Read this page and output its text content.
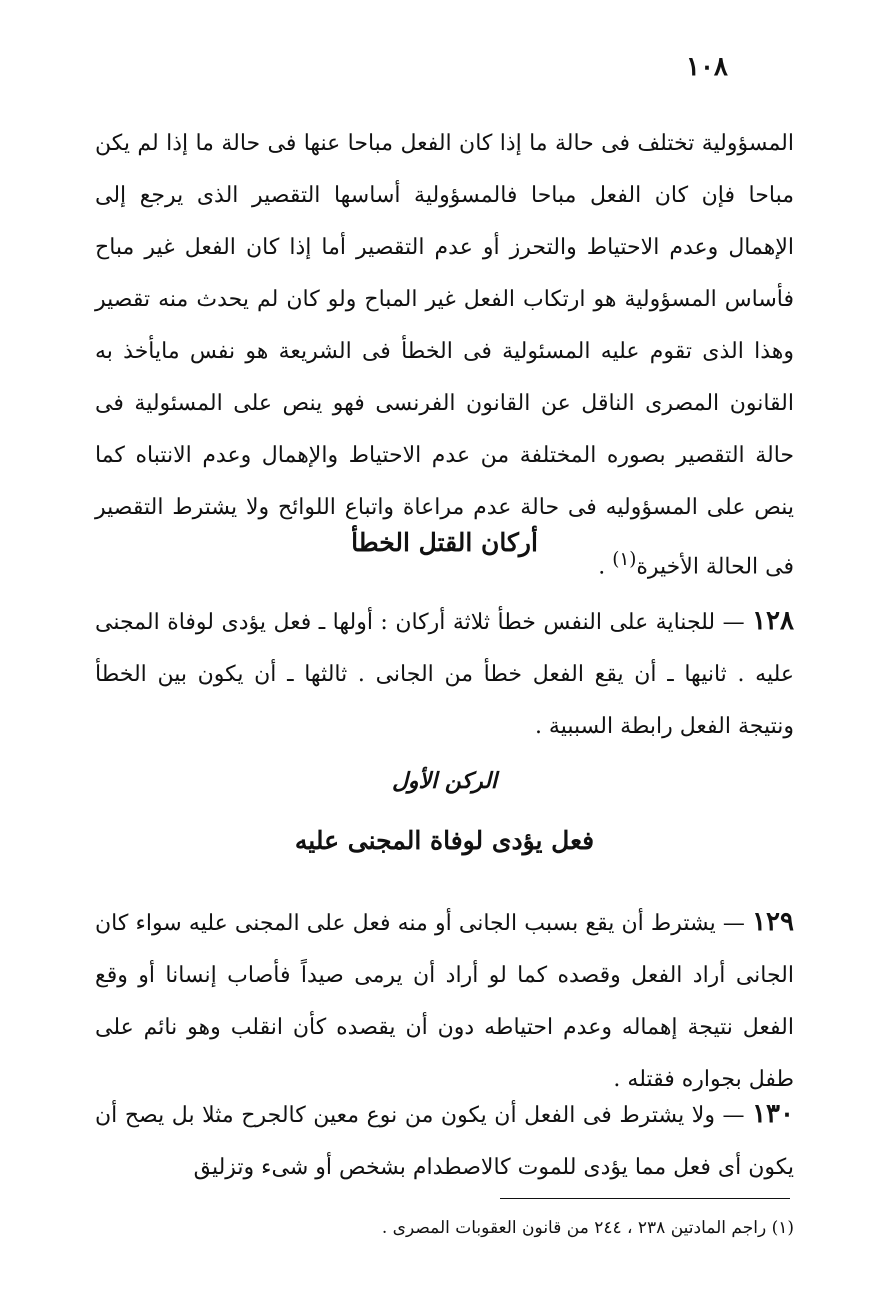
١٠٨
المسؤولية تختلف فى حالة ما إذا كان الفعل مباحا عنها فى حالة ما إذا لم يكن مباحا فإن كان الفعل مباحا فالمسؤولية أساسها التقصير الذى يرجع إلى الإهمال وعدم الاحتياط والتحرز أو عدم التقصير أما إذا كان الفعل غير مباح فأساس المسؤولية هو ارتكاب الفعل غير المباح ولو كان لم يحدث منه تقصير وهذا الذى تقوم عليه المسئولية فى الخطأ فى الشريعة هو نفس مايأخذ به القانون المصرى الناقل عن القانون الفرنسى فهو ينص على المسئولية فى حالة التقصير بصوره المختلفة من عدم الاحتياط والإهمال وعدم الانتباه كما ينص على المسؤوليه فى حالة عدم مراعاة واتباع اللوائح ولا يشترط التقصير فى الحالة الأخيرة$^{(١)}$ .
أركان القتل الخطأ
١٢٨ — للجناية على النفس خطأ ثلاثة أركان : أولها ـ فعل يؤدى لوفاة المجنى عليه . ثانيها ـ أن يقع الفعل خطأ من الجانى . ثالثها ـ أن يكون بين الخطأ ونتيجة الفعل رابطة السببية .
الركن الأول
فعل يؤدى لوفاة المجنى عليه
١٢٩ — يشترط أن يقع بسبب الجانى أو منه فعل على المجنى عليه سواء كان الجانى أراد الفعل وقصده كما لو أراد أن يرمى صيداً فأصاب إنسانا أو وقع الفعل نتيجة إهماله وعدم احتياطه دون أن يقصده كأن انقلب وهو نائم على طفل بجواره فقتله .
١٣٠ — ولا يشترط فى الفعل أن يكون من نوع معين كالجرح مثلا بل يصح أن يكون أى فعل مما يؤدى للموت كالاصطدام بشخص أو شىء وتزليق
(١) راجم المادتين ٢٣٨ ، ٢٤٤ من قانون العقوبات المصرى .
